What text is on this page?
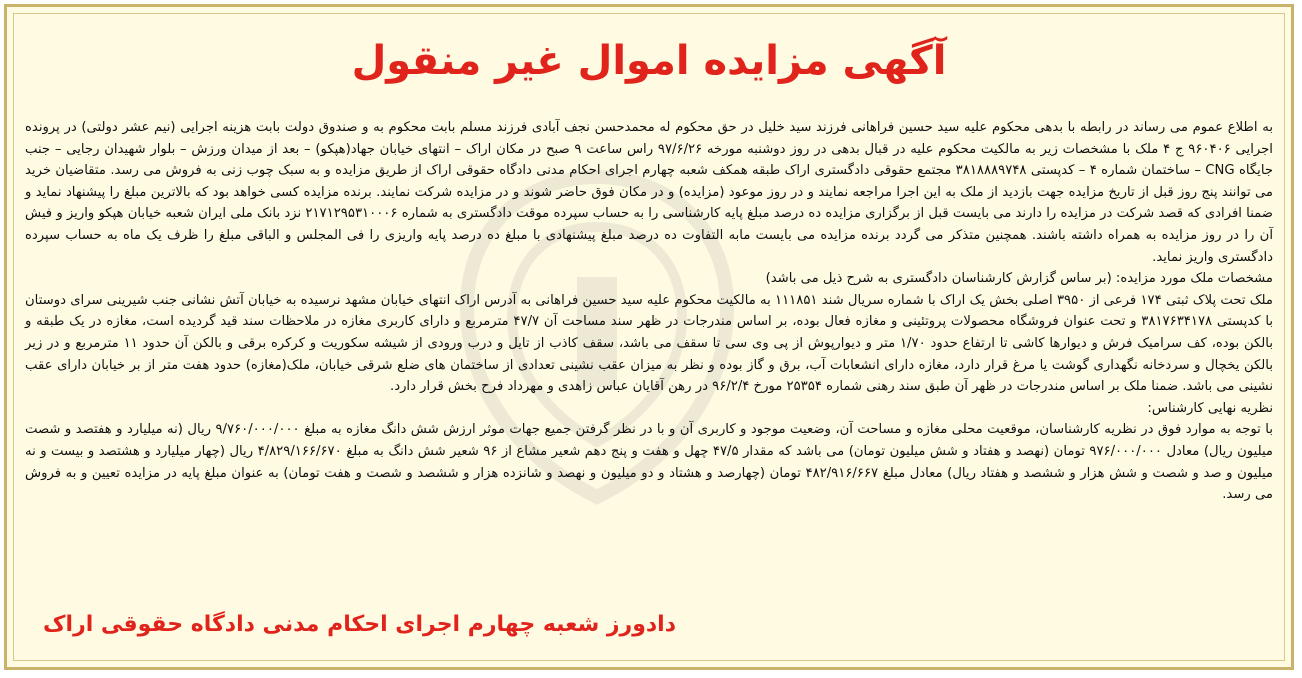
آگهی مزایده اموال غیر منقول

به اطلاع عموم می رساند در رابطه با بدهی محکوم علیه سید حسین فراهانی فرزند سید خلیل در حق محکوم له محمدحسن نجف آبادی فرزند مسلم بابت محکوم به و صندوق دولت بابت هزینه اجرایی (نیم عشر دولتی) در پرونده اجرایی ۹۶۰۴۰۶ ج ۴ ملک با مشخصات زیر به مالکیت محکوم علیه در قبال بدهی در روز دوشنبه مورخه ۹۷/۶/۲۶ راس ساعت ۹ صبح در مکان اراک – انتهای خیابان جهاد(هپکو) – بعد از میدان ورزش – بلوار شهیدان رجایی – جنب جایگاه CNG – ساختمان شماره ۴ – کدپستی ۳۸۱۸۸۸۹۷۴۸ مجتمع حقوقی دادگستری اراک طبقه همکف شعبه چهارم اجرای احکام مدنی دادگاه حقوقی اراک از طریق مزایده و به سبک چوب زنی به فروش می رسد. متقاضیان خرید می توانند پنج روز قبل از تاریخ مزایده جهت بازدید از ملک به این اجرا مراجعه نمایند و در روز موعود (مزایده) و در مکان فوق حاضر شوند و در مزایده شرکت نمایند. برنده مزایده کسی خواهد بود که بالاترین مبلغ را پیشنهاد نماید و ضمنا افرادی که قصد شرکت در مزایده را دارند می بایست قبل از برگزاری مزایده ده درصد مبلغ پایه کارشناسی را به حساب سپرده موقت دادگستری به شماره ۲۱۷۱۲۹۵۳۱۰۰۰۶ نزد بانک ملی ایران شعبه خیابان هپکو واریز و فیش آن را در روز مزایده به همراه داشته باشند. همچنین متذکر می گردد برنده مزایده می بایست مابه التفاوت ده درصد مبلغ پیشنهادی با مبلغ ده درصد پایه واریزی را فی المجلس و الباقی مبلغ را ظرف یک ماه به حساب سپرده دادگستری واریز نماید.

مشخصات ملک مورد مزایده: (بر ساس گزارش کارشناسان دادگستری به شرح ذیل می باشد)

ملک تحت پلاک ثبتی ۱۷۴ فرعی از ۳۹۵۰ اصلی بخش یک اراک با شماره سریال شند ۱۱۱۸۵۱ به مالکیت محکوم علیه سید حسین فراهانی به آدرس اراک انتهای خیابان مشهد نرسیده به خیابان آتش نشانی جنب شیرینی سرای دوستان با کدپستی ۳۸۱۷۶۳۴۱۷۸ و تحت عنوان فروشگاه محصولات پروتئینی و مغازه فعال بوده، بر اساس مندرجات در ظهر سند مساحت آن ۴۷/۷ مترمربع و دارای کاربری مغازه در ملاحظات سند قید گردیده است، مغازه در یک طبقه و بالکن بوده، کف سرامیک فرش و دیوارها کاشی تا ارتفاع حدود ۱/۷۰ متر و دیوارپوش از پی وی سی تا سقف می باشد، سقف کاذب از تایل و درب ورودی از شیشه سکوریت و کرکره برقی و بالکن آن حدود ۱۱ مترمربع و در زیر بالکن یخچال و سردخانه نگهداری گوشت یا مرغ قرار دارد، مغازه دارای انشعابات آب، برق و گاز بوده و نظر به میزان عقب نشینی تعدادی از ساختمان های ضلع شرقی خیابان، ملک(مغازه) حدود هفت متر از بر خیابان دارای عقب نشینی می باشد. ضمنا ملک بر اساس مندرجات در ظهر آن طبق سند رهنی شماره ۲۵۳۵۴ مورخ ۹۶/۲/۴ در رهن آقایان عباس زاهدی و مهرداد فرح بخش قرار دارد.

نظریه نهایی کارشناس:

با توجه به موارد فوق در نظریه کارشناسان، موقعیت محلی مغازه و مساحت آن، وضعیت موجود و کاربری آن و با در نظر گرفتن جمیع جهات موثر ارزش شش دانگ مغازه به مبلغ ۹/۷۶۰/۰۰۰/۰۰۰ ریال (نه میلیارد و هفتصد و شصت میلیون ریال) معادل ۹۷۶/۰۰۰/۰۰۰ تومان (نهصد و هفتاد و شش میلیون تومان) می باشد که مقدار ۴۷/۵ چهل و هفت و پنج دهم شعیر مشاع از ۹۶ شعیر شش دانگ به مبلغ ۴/۸۲۹/۱۶۶/۶۷۰ ریال (چهار میلیارد و هشتصد و بیست و نه میلیون و صد و شصت و شش هزار و ششصد و هفتاد ریال) معادل مبلغ ۴۸۲/۹۱۶/۶۶۷ تومان (چهارصد و هشتاد و دو میلیون و نهصد و شانزده هزار و ششصد و شصت و هفت تومان) به عنوان مبلغ پایه در مزایده تعیین و به فروش می رسد.

دادورز شعبه چهارم اجرای احکام مدنی دادگاه حقوقی اراک
